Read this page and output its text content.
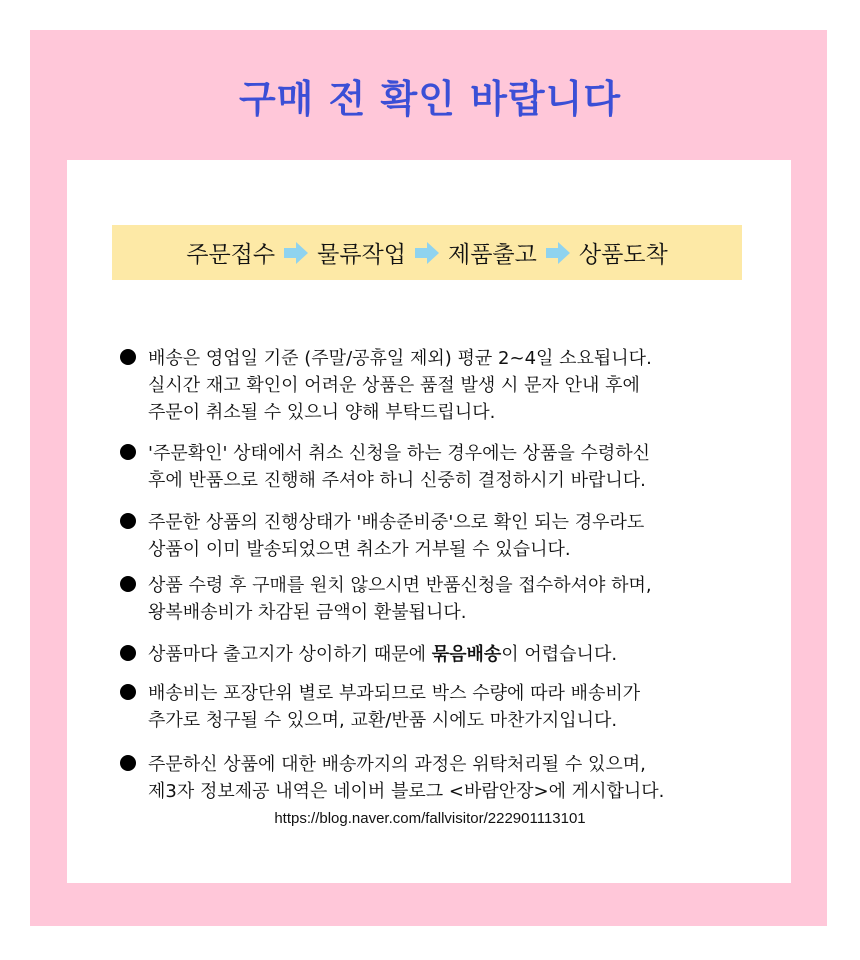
구매 전 확인 바랍니다
주문접수 물류작업 제품출고 상품도착
배송은 영업일 기준 (주말/공휴일 제외) 평균 2~4일 소요됩니다.
실시간 재고 확인이 어려운 상품은 품절 발생 시 문자 안내 후에
주문이 취소될 수 있으니 양해 부탁드립니다.
'주문확인' 상태에서 취소 신청을 하는 경우에는 상품을 수령하신
후에 반품으로 진행해 주셔야 하니 신중히 결정하시기 바랍니다.
주문한 상품의 진행상태가 '배송준비중'으로 확인 되는 경우라도
상품이 이미 발송되었으면 취소가 거부될 수 있습니다.
상품 수령 후 구매를 원치 않으시면 반품신청을 접수하셔야 하며,
왕복배송비가 차감된 금액이 환불됩니다.
상품마다 출고지가 상이하기 때문에 묶음배송이 어렵습니다.
배송비는 포장단위 별로 부과되므로 박스 수량에 따라 배송비가
추가로 청구될 수 있으며, 교환/반품 시에도 마찬가지입니다.
주문하신 상품에 대한 배송까지의 과정은 위탁처리될 수 있으며,
제3자 정보제공 내역은 네이버 블로그 <바람안장>에 게시합니다.
https://blog.naver.com/fallvisitor/222901113101
